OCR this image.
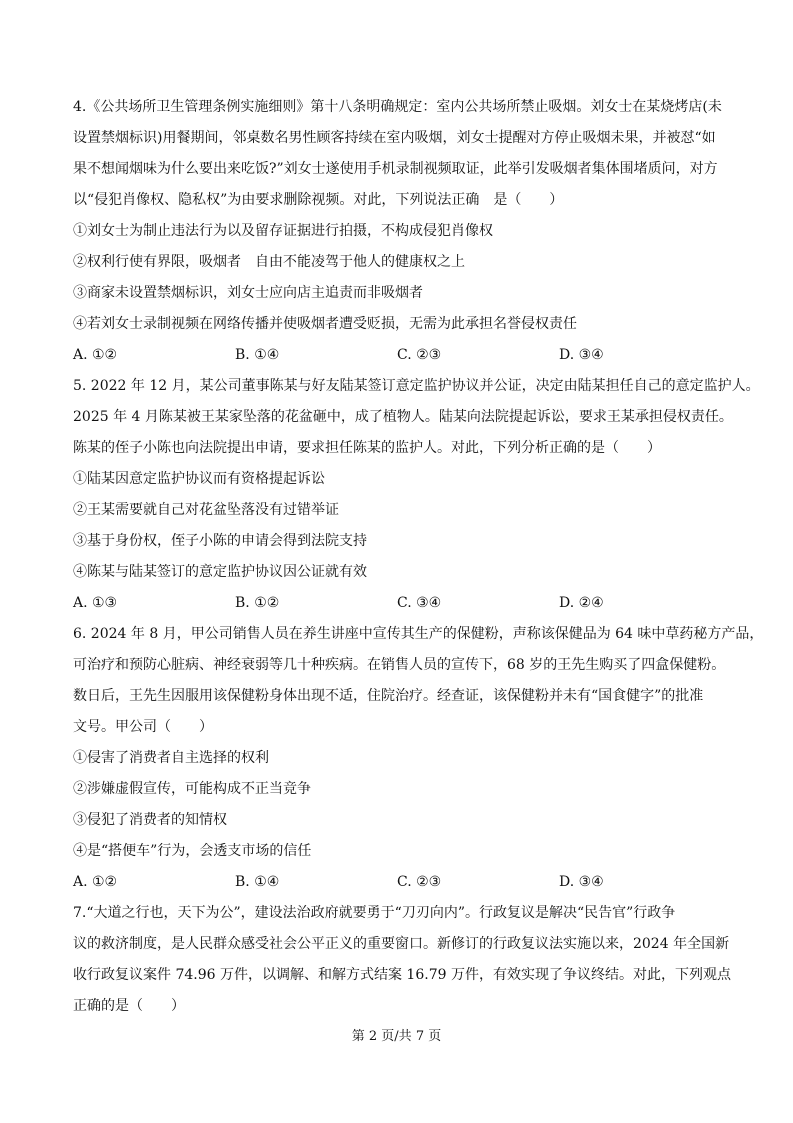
4.《公共场所卫生管理条例实施细则》第十八条明确规定：室内公共场所禁止吸烟。刘女士在某烧烤店(未
设置禁烟标识)用餐期间，邻桌数名男性顾客持续在室内吸烟，刘女士提醒对方停止吸烟未果，并被怼“如
果不想闻烟味为什么要出来吃饭?”刘女士遂使用手机录制视频取证，此举引发吸烟者集体围堵质问，对方
以“侵犯肖像权、隐私权”为由要求删除视频。对此，下列说法正确　是（　　）
①刘女士为制止违法行为以及留存证据进行拍摄，不构成侵犯肖像权
②权利行使有界限，吸烟者　自由不能凌驾于他人的健康权之上
③商家未设置禁烟标识，刘女士应向店主追责而非吸烟者
④若刘女士录制视频在网络传播并使吸烟者遭受贬损，无需为此承担名誉侵权责任
A. ①②	B. ①④	C. ②③	D. ③④
5. 2022 年 12 月，某公司董事陈某与好友陆某签订意定监护协议并公证，决定由陆某担任自己的意定监护人。
2025 年 4 月陈某被王某家坠落的花盆砸中，成了植物人。陆某向法院提起诉讼，要求王某承担侵权责任。
陈某的侄子小陈也向法院提出申请，要求担任陈某的监护人。对此，下列分析正确的是（　　）
①陆某因意定监护协议而有资格提起诉讼
②王某需要就自己对花盆坠落没有过错举证
③基于身份权，侄子小陈的申请会得到法院支持
④陈某与陆某签订的意定监护协议因公证就有效
A. ①③	B. ①②	C. ③④	D. ②④
6. 2024 年 8 月，甲公司销售人员在养生讲座中宣传其生产的保健粉，声称该保健品为 64 味中草药秘方产品，
可治疗和预防心脏病、神经衰弱等几十种疾病。在销售人员的宣传下，68 岁的王先生购买了四盒保健粉。
数日后，王先生因服用该保健粉身体出现不适，住院治疗。经查证，该保健粉并未有“国食健字”的批准
文号。甲公司（　　）
①侵害了消费者自主选择的权利
②涉嫌虚假宣传，可能构成不正当竞争
③侵犯了消费者的知情权
④是“搭便车”行为，会透支市场的信任
A. ①②	B. ①④	C. ②③	D. ③④
7.“大道之行也，天下为公”，建设法治政府就要勇于“刀刃向内”。行政复议是解决“民告官”行政争
议的救济制度，是人民群众感受社会公平正义的重要窗口。新修订的行政复议法实施以来，2024 年全国新
收行政复议案件 74.96 万件，以调解、和解方式结案 16.79 万件，有效实现了争议终结。对此，下列观点
正确的是（　　）
第 2 页/共 7 页
